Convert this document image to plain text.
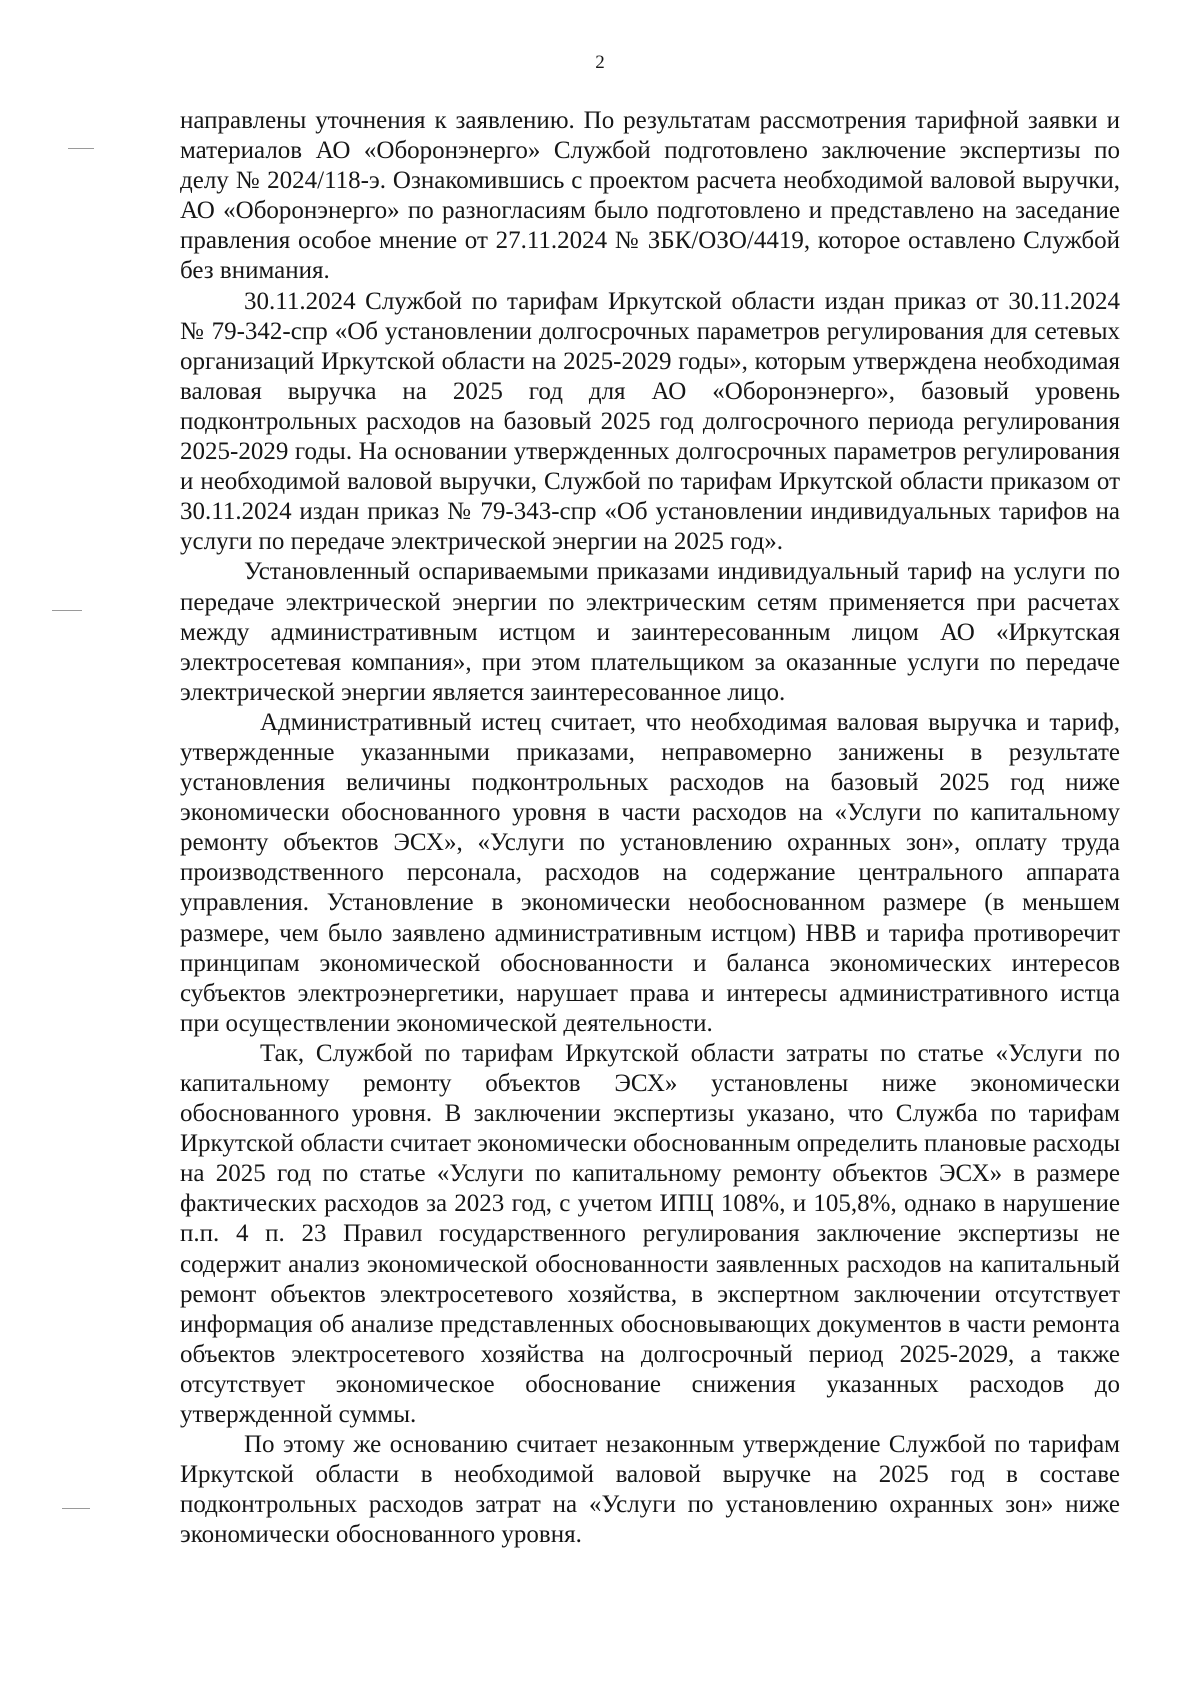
2

направлены уточнения к заявлению. По результатам рассмотрения тарифной заявки и материалов АО «Оборонэнерго» Службой подготовлено заключение экспертизы по делу № 2024/118-э. Ознакомившись с проектом расчета необходимой валовой выручки, АО «Оборонэнерго» по разногласиям было подготовлено и представлено на заседание правления особое мнение от 27.11.2024 № ЗБК/ОЗО/4419, которое оставлено Службой без внимания.

30.11.2024 Службой по тарифам Иркутской области издан приказ от 30.11.2024 № 79-342-спр «Об установлении долгосрочных параметров регулирования для сетевых организаций Иркутской области на 2025-2029 годы», которым утверждена необходимая валовая выручка на 2025 год для АО «Оборонэнерго», базовый уровень подконтрольных расходов на базовый 2025 год долгосрочного периода регулирования 2025-2029 годы. На основании утвержденных долгосрочных параметров регулирования и необходимой валовой выручки, Службой по тарифам Иркутской области приказом от 30.11.2024 издан приказ № 79-343-спр «Об установлении индивидуальных тарифов на услуги по передаче электрической энергии на 2025 год».

Установленный оспариваемыми приказами индивидуальный тариф на услуги по передаче электрической энергии по электрическим сетям применяется при расчетах между административным истцом и заинтересованным лицом АО «Иркутская электросетевая компания», при этом плательщиком за оказанные услуги по передаче электрической энергии является заинтересованное лицо.

Административный истец считает, что необходимая валовая выручка и тариф, утвержденные указанными приказами, неправомерно занижены в результате установления величины подконтрольных расходов на базовый 2025 год ниже экономически обоснованного уровня в части расходов на «Услуги по капитальному ремонту объектов ЭСХ», «Услуги по установлению охранных зон», оплату труда производственного персонала, расходов на содержание центрального аппарата управления. Установление в экономически необоснованном размере (в меньшем размере, чем было заявлено административным истцом) НВВ и тарифа противоречит принципам экономической обоснованности и баланса экономических интересов субъектов электроэнергетики, нарушает права и интересы административного истца при осуществлении экономической деятельности.

Так, Службой по тарифам Иркутской области затраты по статье «Услуги по капитальному ремонту объектов ЭСХ» установлены ниже экономически обоснованного уровня. В заключении экспертизы указано, что Служба по тарифам Иркутской области считает экономически обоснованным определить плановые расходы на 2025 год по статье «Услуги по капитальному ремонту объектов ЭСХ» в размере фактических расходов за 2023 год, с учетом ИПЦ 108%, и 105,8%, однако в нарушение п.п. 4 п. 23 Правил государственного регулирования заключение экспертизы не содержит анализ экономической обоснованности заявленных расходов на капитальный ремонт объектов электросетевого хозяйства, в экспертном заключении отсутствует информация об анализе представленных обосновывающих документов в части ремонта объектов электросетевого хозяйства на долгосрочный период 2025-2029, а также отсутствует экономическое обоснование снижения указанных расходов до утвержденной суммы.

По этому же основанию считает незаконным утверждение Службой по тарифам Иркутской области в необходимой валовой выручке на 2025 год в составе подконтрольных расходов затрат на «Услуги по установлению охранных зон» ниже экономически обоснованного уровня.
